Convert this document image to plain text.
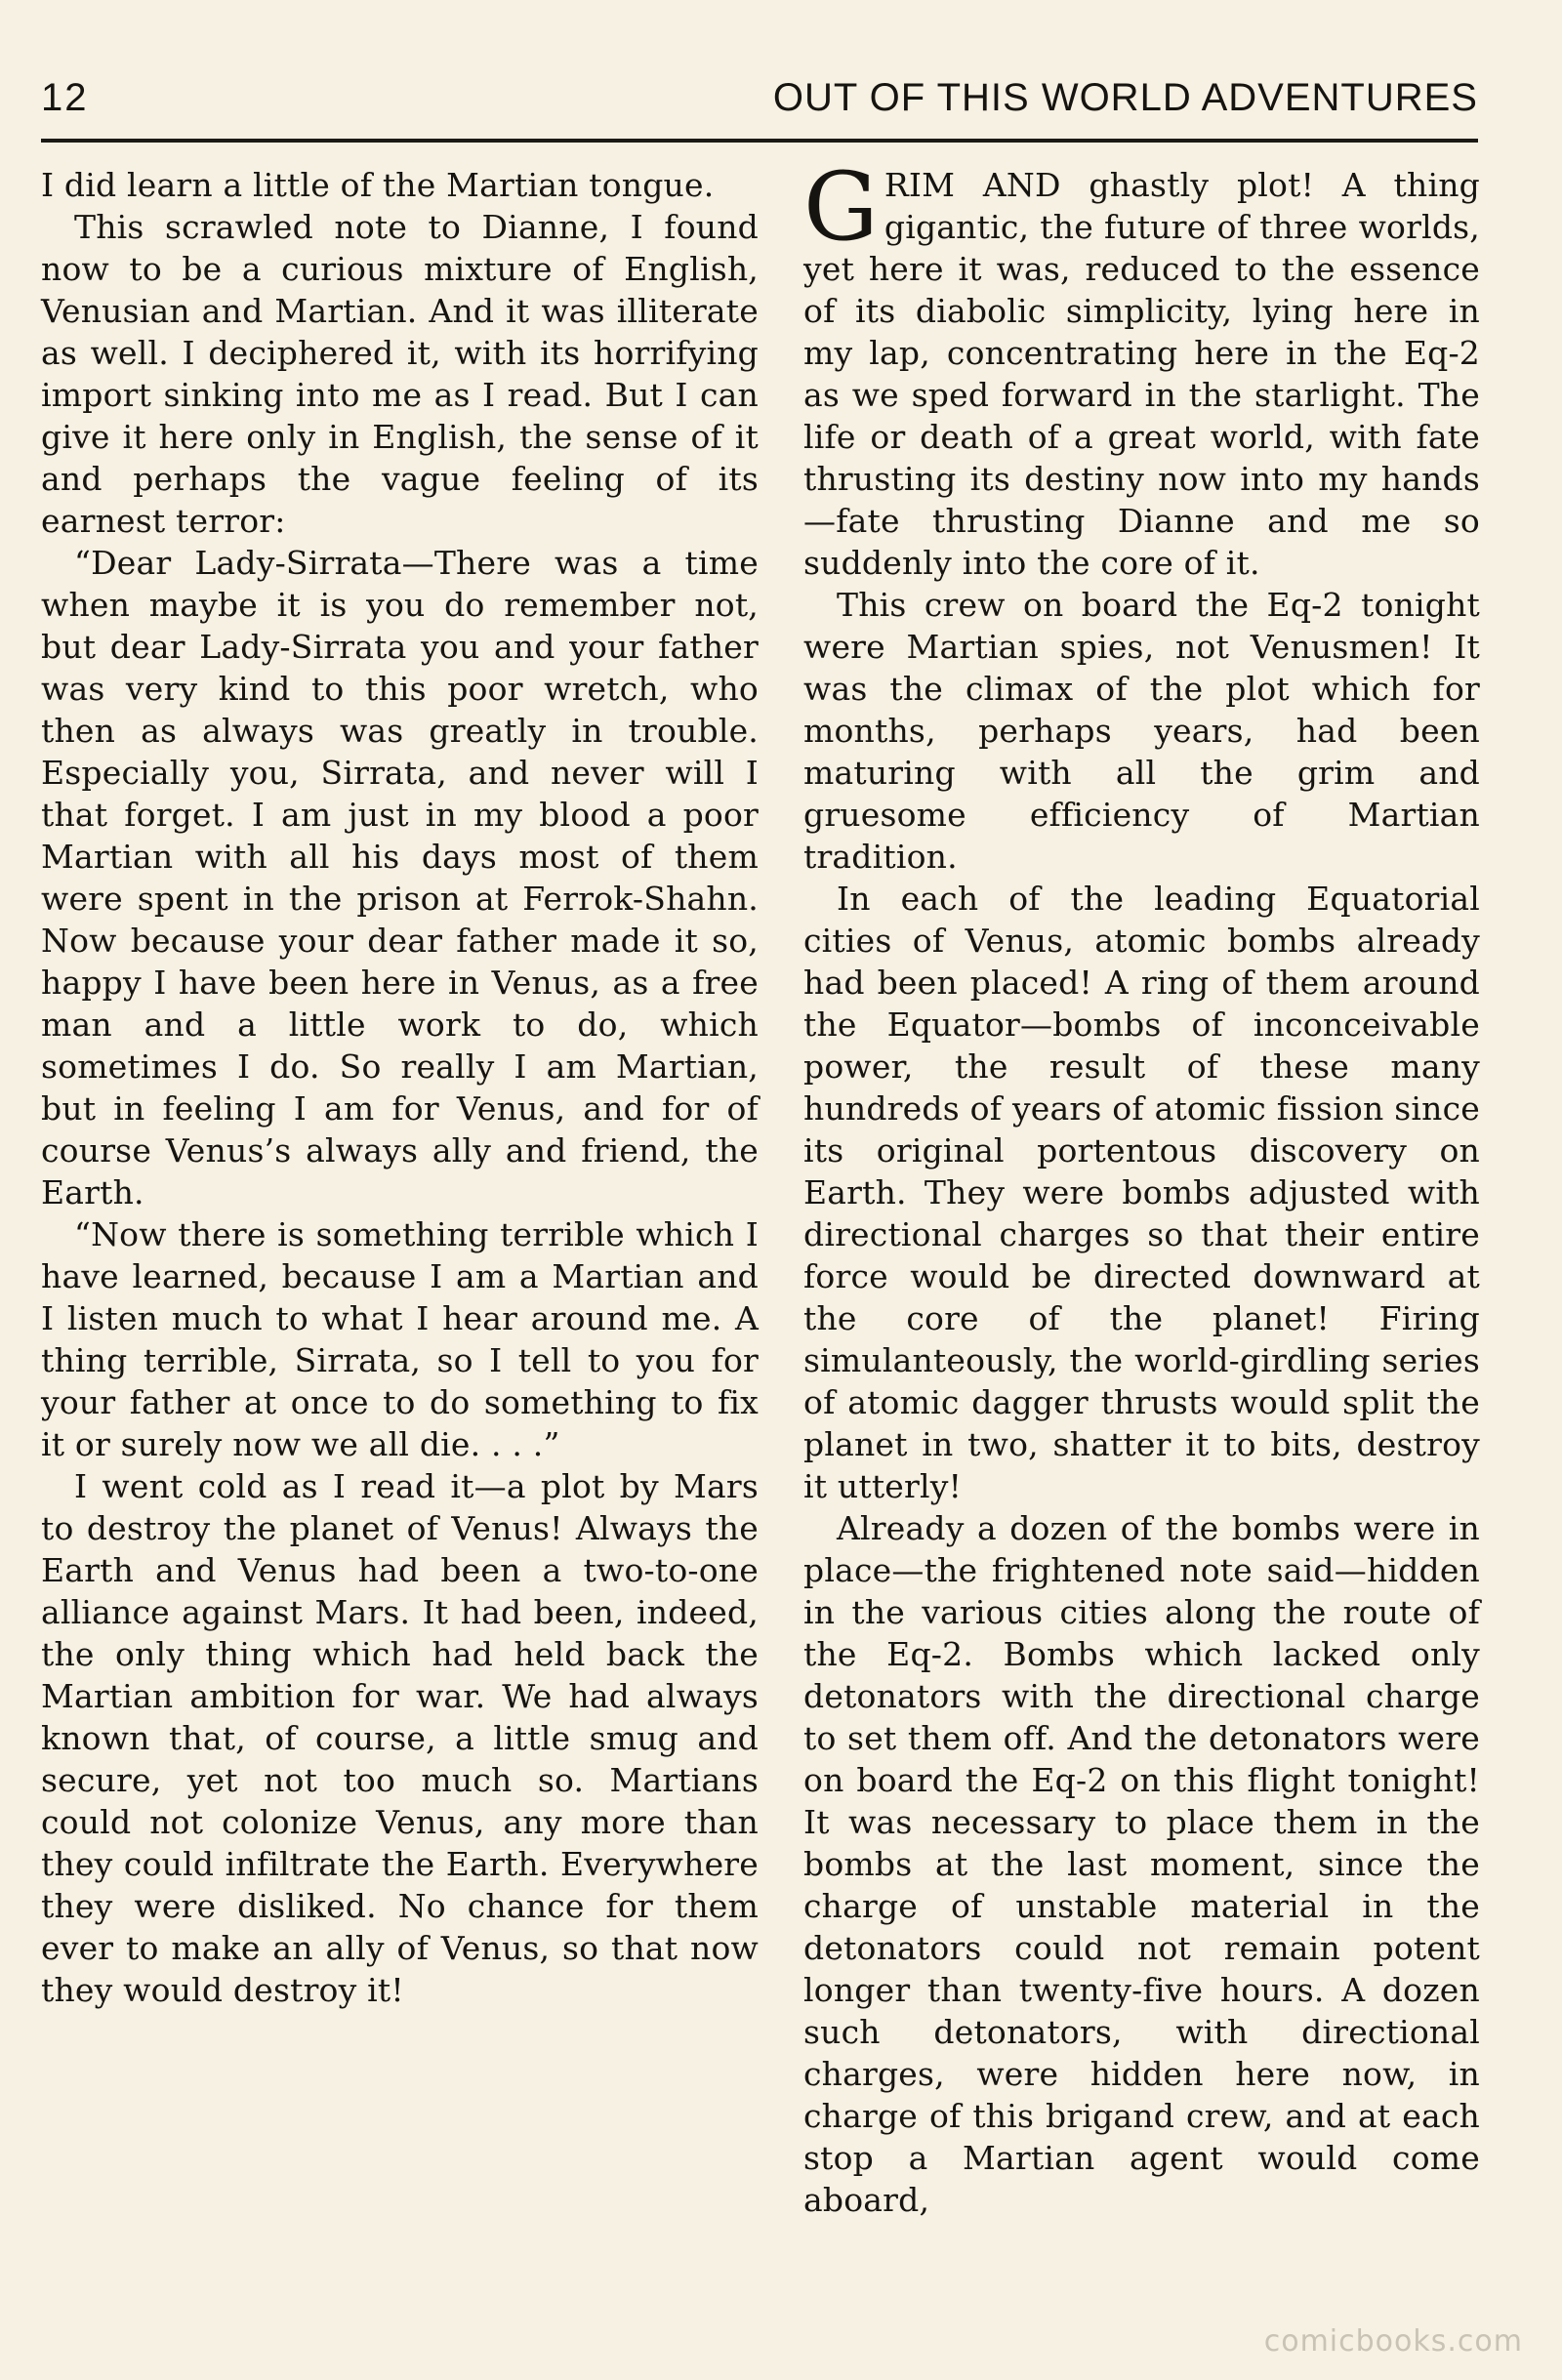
12	OUT OF THIS WORLD ADVENTURES

I did learn a little of the Martian tongue.

This scrawled note to Dianne, I found now to be a curious mixture of English, Venusian and Martian. And it was illiterate as well. I deciphered it, with its horrifying import sinking into me as I read. But I can give it here only in English, the sense of it and perhaps the vague feeling of its earnest terror:

“Dear Lady-Sirrata—There was a time when maybe it is you do remember not, but dear Lady-Sirrata you and your father was very kind to this poor wretch, who then as always was greatly in trouble. Especially you, Sirrata, and never will I that forget. I am just in my blood a poor Martian with all his days most of them were spent in the prison at Ferrok-Shahn. Now because your dear father made it so, happy I have been here in Venus, as a free man and a little work to do, which sometimes I do. So really I am Martian, but in feeling I am for Venus, and for of course Venus’s always ally and friend, the Earth.

“Now there is something terrible which I have learned, because I am a Martian and I listen much to what I hear around me. A thing terrible, Sirrata, so I tell to you for your father at once to do something to fix it or surely now we all die. . . .”

I went cold as I read it—a plot by Mars to destroy the planet of Venus! Always the Earth and Venus had been a two-to-one alliance against Mars. It had been, indeed, the only thing which had held back the Martian ambition for war. We had always known that, of course, a little smug and secure, yet not too much so. Martians could not colonize Venus, any more than they could infiltrate the Earth. Everywhere they were disliked. No chance for them ever to make an ally of Venus, so that now they would destroy it!

GRIM AND ghastly plot! A thing gigantic, the future of three worlds, yet here it was, reduced to the essence of its diabolic simplicity, lying here in my lap, concentrating here in the Eq-2 as we sped forward in the starlight. The life or death of a great world, with fate thrusting its destiny now into my hands—fate thrusting Dianne and me so suddenly into the core of it.

This crew on board the Eq-2 tonight were Martian spies, not Venusmen! It was the climax of the plot which for months, perhaps years, had been maturing with all the grim and gruesome efficiency of Martian tradition.

In each of the leading Equatorial cities of Venus, atomic bombs already had been placed! A ring of them around the Equator—bombs of inconceivable power, the result of these many hundreds of years of atomic fission since its original portentous discovery on Earth. They were bombs adjusted with directional charges so that their entire force would be directed downward at the core of the planet! Firing simulanteously, the world-girdling series of atomic dagger thrusts would split the planet in two, shatter it to bits, destroy it utterly!

Already a dozen of the bombs were in place—the frightened note said—hidden in the various cities along the route of the Eq-2. Bombs which lacked only detonators with the directional charge to set them off. And the detonators were on board the Eq-2 on this flight tonight! It was necessary to place them in the bombs at the last moment, since the charge of unstable material in the detonators could not remain potent longer than twenty-five hours. A dozen such detonators, with directional charges, were hidden here now, in charge of this brigand crew, and at each stop a Martian agent would come aboard,

comicbooks.com
